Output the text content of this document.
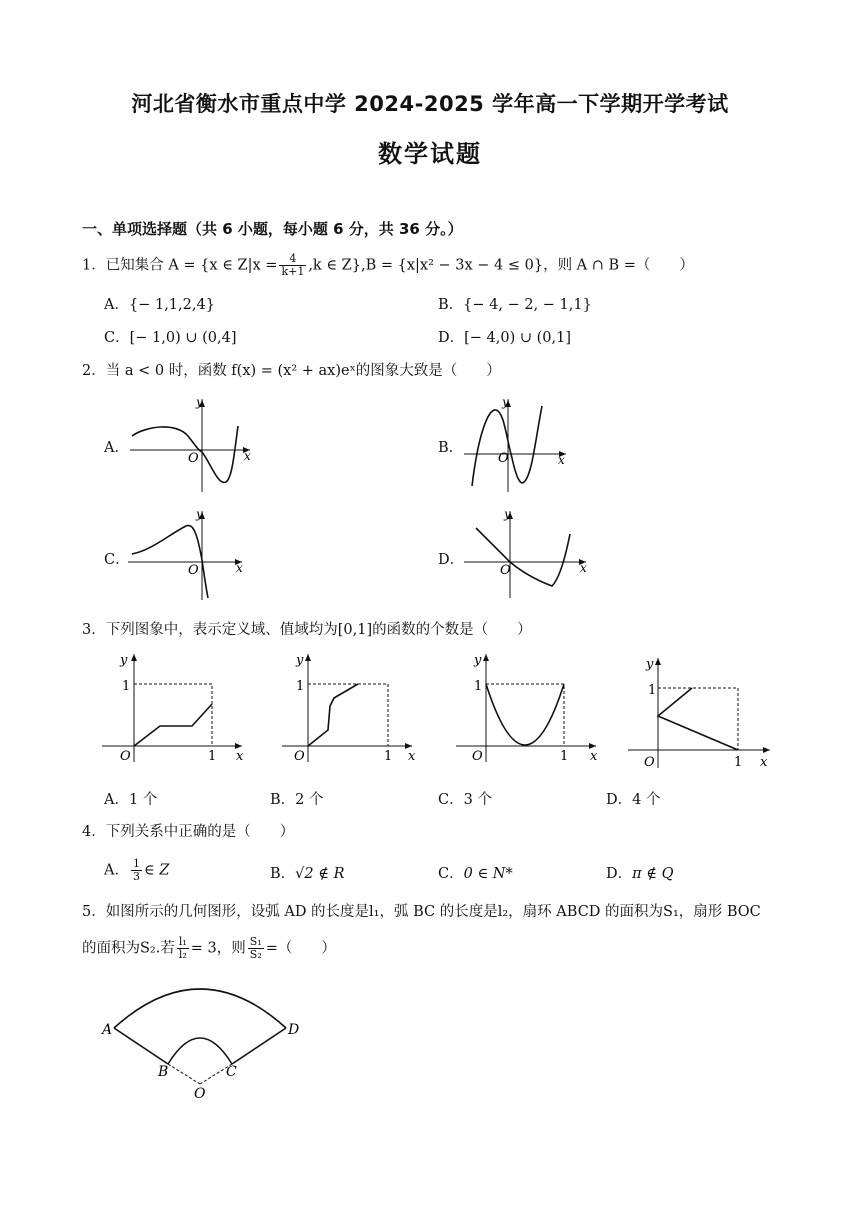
河北省衡水市重点中学 2024-2025 学年高一下学期开学考试
数学试题
一、单项选择题（共 6 小题，每小题 6 分，共 36 分。）
1．已知集合 A = {x ∈ $Z|x = \frac{4}{k+1} ,k$ ∈ Z},B = {x|x² − 3x − 4 ≤ 0}，则 A ∩ B =（　　）
A．{− 1,1,2,4}	B．{− 4, − 2, − 1,1}
C．[− 1,0) ∪ (0,4]	D．[− 4,0) ∪ (0,1]
2．当 a < 0 时，函数 f(x) = (x² + ax)eˣ的图象大致是（　　）
A．	B．
C．	D．
y
x
O
y
x
O
y
x
O
y
x
O
3．下列图象中，表示定义域、值域均为[0,1]的函数的个数是（　　）
y
1
O	1 x
y
1
O	1 x
y
1
O	1 x
y
1
O	1 x
A．1 个	B．2 个	C．3 个	D．4 个
4．下列关系中正确的是（　　）
A． $\frac{1}{3}$ ∈ Z	B．√2 ∉ R	C．0 ∈ N*	D．π ∉ Q
5．如图所示的几何图形，设弧 AD 的长度是l₁，弧 BC 的长度是l₂，扇环 ABCD 的面积为S₁，扇形 BOC
的面积为S₂.若 $\frac{\text{l₁}}{\text{l₂}} = 3$，则 $\frac{\text{S₁}}{\text{S₂}}$ =（　　）
A	D
B	C
O
